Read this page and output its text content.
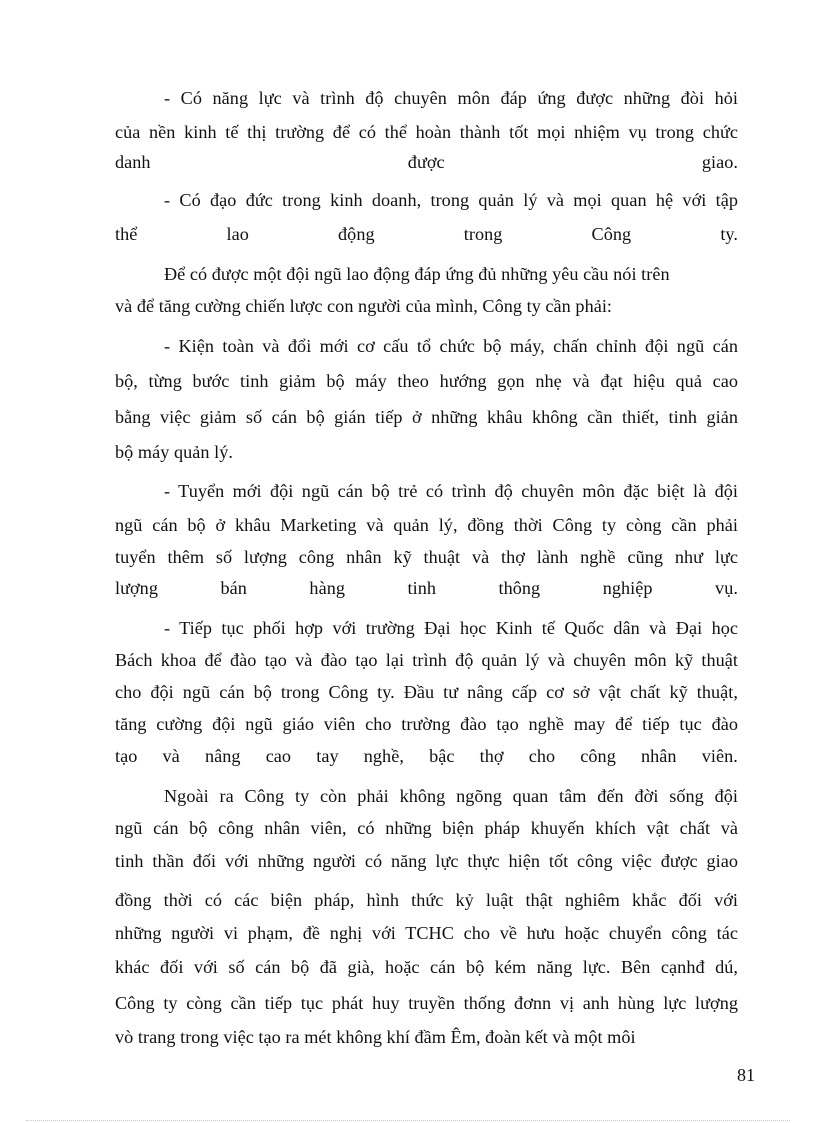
- Có năng lực và trình độ chuyên môn đáp ứng được những đòi hỏi
của nền kinh tế thị trường để có thể hoàn thành tốt mọi nhiệm vụ trong chức
danh	được	giao.
- Có đạo đức trong kinh doanh, trong quản lý và mọi quan hệ với tập
thể	lao	động	trong	Công	ty.
Để có được một đội ngũ lao động đáp ứng đủ những yêu cầu nói trên
và để tăng cường chiến lược con người của mình, Công ty cần phải:
- Kiện toàn và đổi mới cơ cấu tổ chức bộ máy, chấn chỉnh đội ngũ cán
bộ, từng bước tinh giảm bộ máy theo hướng gọn nhẹ và đạt hiệu quả cao
bằng việc giảm số cán bộ gián tiếp ở những khâu không cần thiết, tinh giản
bộ máy quản lý.
- Tuyển mới đội ngũ cán bộ trẻ có trình độ chuyên môn đặc biệt là đội
ngũ cán bộ ở khâu Marketing và quản lý, đồng thời Công ty còng cần phải
tuyển thêm số lượng công nhân kỹ thuật và thợ lành nghề cũng như lực
lượng	bán	hàng	tinh	thông	nghiệp	vụ.
- Tiếp tục phối hợp với trường Đại học Kinh tế Quốc dân và Đại học
Bách khoa để đào tạo và đào tạo lại trình độ quản lý và chuyên môn kỹ thuật
cho đội ngũ cán bộ trong Công ty. Đầu tư nâng cấp cơ sở vật chất kỹ thuật,
tăng cường đội ngũ giáo viên cho trường đào tạo nghề may để tiếp tục đào
tạo và nâng cao tay nghề, bậc thợ cho công nhân viên.
Ngoài ra Công ty còn phải không ngõng quan tâm đến đời sống đội
ngũ cán bộ công nhân viên, có những biện pháp khuyến khích vật chất và
tinh thần đối với những người có năng lực thực hiện tốt công việc được giao
đồng thời có các biện pháp, hình thức kỷ luật thật nghiêm khắc đối với
những người vi phạm, đề nghị với TCHC cho về hưu hoặc chuyển công tác
khác đối với số cán bộ đã già, hoặc cán bộ kém năng lực. Bên cạnhđ dú,
Công ty còng cần tiếp tục phát huy truyền thống đơnn vị anh hùng lực lượng
vò trang trong việc tạo ra mét không khí đầm Êm, đoàn kết và một môi
81
